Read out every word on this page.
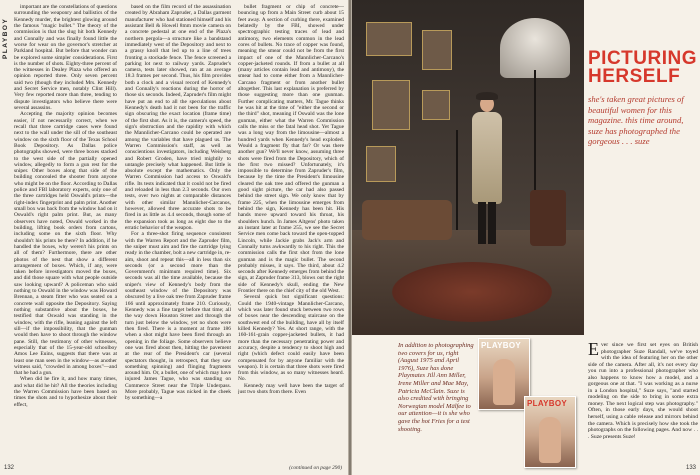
PLAYBOY

important are the constellations of questions surrounding the weaponry and ballistics of the Kennedy murder, the brightest glowing around the famous "magic bullet." The theory of the commission is that the slug hit both Kennedy and Connally and was finally found little the worse for wear on the governor's stretcher at Parkland hospital. But before that wonder can be explored some simpler considerations. First is the number of shots. Eighty-three percent of the witnesses in Dealey Plaza who offered an opinion reported three. Only seven percent said two (though they included Mrs. Kennedy and Secret Service men, notably Clint Hill). Very few reported more than three, tending to dispute investigators who believe there were several assassins.

Accepting the majority opinion becomes easier, if not necessarily correct, when we recall that three cartridge cases were found next to the wall under the sill of the southeast window on the sixth floor of the Texas School Book Depository. As Dallas police photographs showed, were three boxes stacked to the west side of the partially opened window, allegedly to form a gun rest for the sniper. Other boxes along that side of the building concealed the shooter from anyone who might be on the floor. According to Dallas police and FBI laboratory experts, only one of the three cartridges held Oswald's prints—the right-index fingerprint and palm print. Another small box was back from the window had on it Oswald's right palm print. But, as many observers have noted, Oswald worked in the building, lifting book orders from cartons, including some on the sixth floor. Why shouldn't his prints be there? In addition, if he handled the boxes, why weren't his prints on all of them? Furthermore, there are other photos of the nest that show a different arrangement of boxes. Which, if any, were taken before investigators moved the boxes, and did those square with what people outside saw looking upward? A policeman who said nothing to Oswald in the window was Howard Brennan, a steam fitter who was seated on a concrete wall opposite the Depository. Saying nothing substantive about the boxes, he testified that Oswald was standing in the window, with the rifle, leaning against the left sill—if the impossibility, that the gunman would then have to shoot through the window pane. Still, the testimony of other witnesses, especially that of the 15-year-old schoolboy Amos Lee Euins, suggests that there was at least one man seen in the window—as another witness said, "crowded in among boxes"—and that he had a gun.

When did he fire it, and how many times, and what did he hit? All the theories including the Warren Commission have been based on times the shots and to hypothesize about their effect,

based on the film record of the assassination created by Abraham Zapruder, a Dallas garment manufacturer who had stationed himself and his assistant Bell & Howell 8mm movie camera on a concrete pedestal at one end of the Plaza's northern pergola—a structure like a bandstand immediately west of the Depository and next to a grassy knoll that led up to a line of trees fronting a stockade fence. The fence screened a parking lot next to railway yards. Zapruder's camera, tests later showed, ran at an average 18.3 frames per second. Thus, his film provides both a clock and a visual record of Kennedy's and Connally's reactions during the horror of those six seconds. Indeed, Zapruder's film might have put an end to all the speculations about Kennedy's death had it not been for the traffic sign obscuring the exact location (frame time) of the first shot. As it is, the camera's speed, the sign's obstruction and the rapidity with which the Mannlicher-Carcano could be operated are among the variables that have plagued us. The Warren Commission's staff, as well as conscientious investigators, including Weisberg and Robert Groden, have tried mightily to untangle precisely what happened. But little is absolute except the mathematics. Only the Warren Commission had access to Oswald's rifle. Its tests indicated that it could not be fired and reloaded in less than 2.3 seconds. Our own tests, over two nights at comparable distances with other similar Mannlicher-Carcanos, however, allowed three accurate shots to be fired in as little as 4.4 seconds, though some of the expansion took as long as eight due to the erratic behavior of the weapon.

For a three-shot firing sequence consistent with the Warren Report and the Zapruder film, the sniper must aim and fire the cartridge lying ready in the chamber, bolt a new cartridge in, re-aim, shoot and repeat this—all in less than six seconds (or a second more than the Government's minimum required time). Six seconds was all the time available, because the sniper's view of Kennedy's body from the southeast window of the Depository was obscured by a live oak tree from Zapruder frame 166 until approximately frame 210. Curiously, Kennedy was a fine target before that time; all the way down Houston Street and through the turn just below the window, yet no shots were then fired. There is a moment at frame 186 when a shot might have been fired through an opening in the foliage. Some observers believe one was fired about then, hitting the pavement at the rear of the President's car (several spectators thought, in retrospect, that they saw something spinning) and flinging fragments around him. Or, a bullet, one of which may have injured James Tague, who was standing on Commerce Street near the Triple Underpass. More probably, Tague was nicked in the cheek by something—a

bullet fragment or chip of concrete—bouncing up from a Main Street curb about 15 feet away. A section of curbing there, examined belatedly by the FBI, showed under spectrographic testing traces of lead and antimony, two elements common in the lead cores of bullets. No trace of copper was found, meaning the smear could not be from the first impact of one of the Mannlicher-Carcano's copper-jacketed rounds. If from a bullet at all (many articles contain lead and antimony), the smear had to come either from a Mannlicher-Carcano fragment or from another bullet altogether. This last explanation is preferred by those suggesting more than one gunman. Further complicating matters, Mr. Tague thinks he was hit at the time of "either the second or the third" shot, meaning if Oswald was the lone gunman, either what the Warren Commission calls the miss or the fatal head shot. Yet Tague was a long way from the limousine—almost a hundred yards when Kennedy's head exploded. Would a fragment fly that far? Or was there another gun? We'll never know, assuming three shots were fired from the Depository, which of the first two missed? Unfortunately, it's impossible to determine from Zapruder's film, because by the time the President's limousine cleared the oak tree and offered the gunman a good sight picture, the car had also passed behind the street sign. We only know that by frame 225, when the limousine emerges from behind the sign, Kennedy has been hit. His hands move upward toward his throat, his shoulders hunch. In James Altgens' photo taken an instant later at frame 255, we see the Secret Service men come back toward the open-topped Lincoln, while Jackie grabs Jack's arm and Connally turns awkwardly to his right. This the commission calls the first shot from the lone gunman and is the magic bullet. The second probably misses, it says. The third, about 4.2 seconds after Kennedy emerges from behind the sign, at Zapruder frame 313, blows out the right side of Kennedy's skull, ending the New Frontier there on the chief city of the old West.

Several quick but significant questions: Could the 1940-vintage Mannlicher-Carcano, which was later found stuck between two rows of boxes near the descending staircase on the southwest end of the building, have all by itself killed Kennedy? Yes. At short range, with the 160-161-grain copper-jacketed bullets, it had more than the necessary penetrating power and accuracy, despite a tendency to shoot high and right (which defect could easily have been compensated for by anyone familiar with the weapon). It is certain that three shots were fired from this window, as so many witnesses heard. No.

Kennedy may well have been the target of just two shots from there. Even

132	(continued on page 290)
PICTURING HERSELF
she's taken great pictures of beautiful women for this magazine. this time around, suze has photographed the gorgeous . . . suze
In addition to photographing two covers for us, right (August 1975 and April 1976), Suze has done Playmates Jill Ann Miller, Irene Miller and Mae May, Patricia McClain. Suze is also credited with bringing Norwegian model Mälfee to our attention—it is she who gave the hot Fries for a test shooting.
PLAYBOY
PLAYBOY
E ver since we first set eyes on British photographer Suze Randall, we've toyed with the idea of featuring her on the other side of the camera. After all, it's not every day you run into a professional photographer who also happens to know how a model, and a gorgeous one at that. "I was working as a nurse in a London hospital," Suze says, "and started modeling on the side to bring in some extra money. The next logical step was photography." Often, in those early days, she would shoot herself, using a cable release and mirrors behind the camera. Which is precisely how she took the photographs on the following pages. And now . . . Suze presents Suze!
133
